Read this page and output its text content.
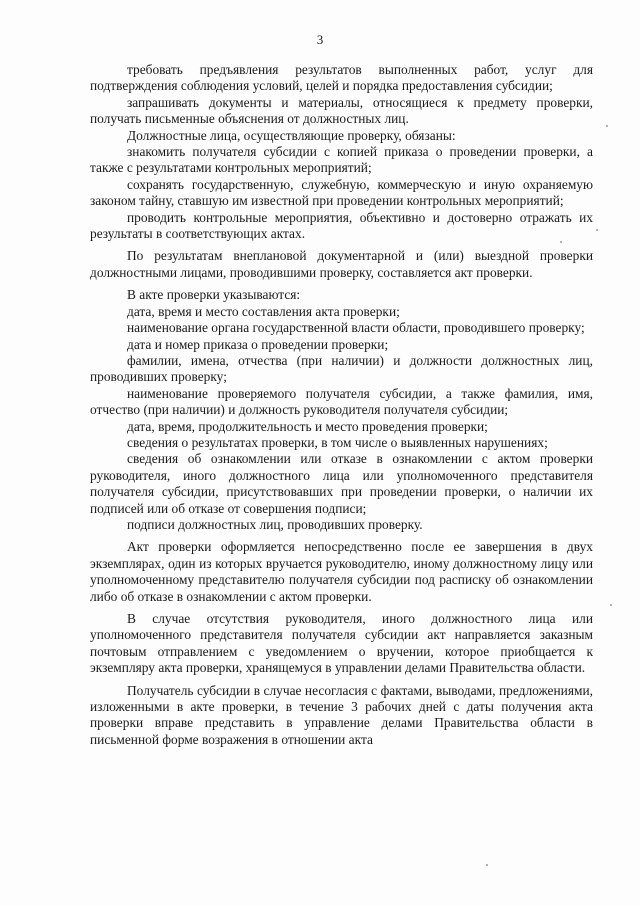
3

требовать предъявления результатов выполненных работ, услуг для подтверждения соблюдения условий, целей и порядка предоставления субсидии;

запрашивать документы и материалы, относящиеся к предмету проверки, получать письменные объяснения от должностных лиц.

Должностные лица, осуществляющие проверку, обязаны:

знакомить получателя субсидии с копией приказа о проведении проверки, а также с результатами контрольных мероприятий;

сохранять государственную, служебную, коммерческую и иную охраняемую законом тайну, ставшую им известной при проведении контрольных мероприятий;

проводить контрольные мероприятия, объективно и достоверно отражать их результаты в соответствующих актах.

По результатам внеплановой документарной и (или) выездной проверки должностными лицами, проводившими проверку, составляется акт проверки.

В акте проверки указываются:

дата, время и место составления акта проверки;

наименование органа государственной власти области, проводившего проверку;

дата и номер приказа о проведении проверки;

фамилии, имена, отчества (при наличии) и должности должностных лиц, проводивших проверку;

наименование проверяемого получателя субсидии, а также фамилия, имя, отчество (при наличии) и должность руководителя получателя субсидии;

дата, время, продолжительность и место проведения проверки;

сведения о результатах проверки, в том числе о выявленных нарушениях;

сведения об ознакомлении или отказе в ознакомлении с актом проверки руководителя, иного должностного лица или уполномоченного представителя получателя субсидии, присутствовавших при проведении проверки, о наличии их подписей или об отказе от совершения подписи;

подписи должностных лиц, проводивших проверку.

Акт проверки оформляется непосредственно после ее завершения в двух экземплярах, один из которых вручается руководителю, иному должностному лицу или уполномоченному представителю получателя субсидии под расписку об ознакомлении либо об отказе в ознакомлении с актом проверки.

В случае отсутствия руководителя, иного должностного лица или уполномоченного представителя получателя субсидии акт направляется заказным почтовым отправлением с уведомлением о вручении, которое приобщается к экземпляру акта проверки, хранящемуся в управлении делами Правительства области.

Получатель субсидии в случае несогласия с фактами, выводами, предложениями, изложенными в акте проверки, в течение 3 рабочих дней с даты получения акта проверки вправе представить в управление делами Правительства области в письменной форме возражения в отношении акта
